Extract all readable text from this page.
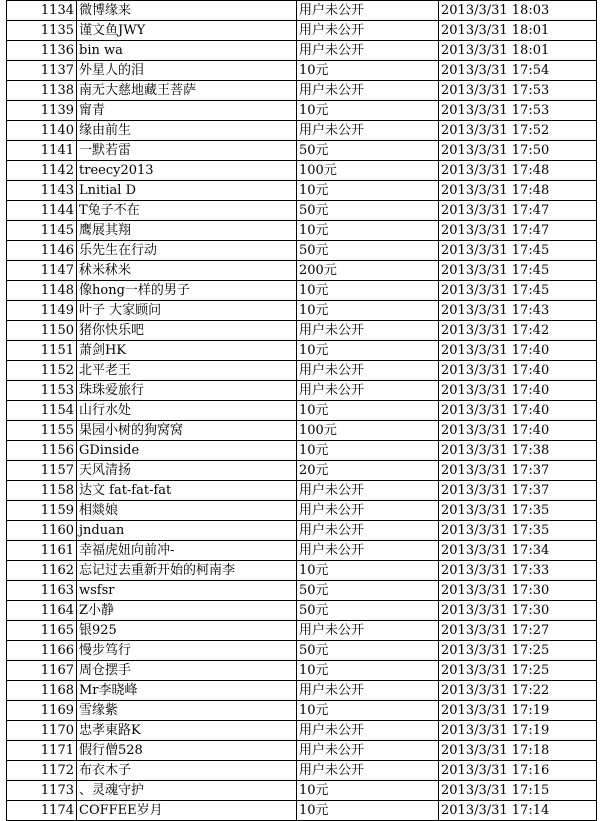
1134	微博缘来	用户未公开	2013/3/31 18:03
1135	谨文鱼JWY	用户未公开	2013/3/31 18:01
1136	bin wa	用户未公开	2013/3/31 18:01
1137	外星人的泪	10元	2013/3/31 17:54
1138	南无大慈地藏王菩萨	用户未公开	2013/3/31 17:53
1139	甯青	10元	2013/3/31 17:53
1140	缘由前生	用户未公开	2013/3/31 17:52
1141	一默若雷	50元	2013/3/31 17:50
1142	treecy2013	100元	2013/3/31 17:48
1143	Lnitial D	10元	2013/3/31 17:48
1144	T兔子不在	50元	2013/3/31 17:47
1145	鹰展其翔	10元	2013/3/31 17:47
1146	乐先生在行动	50元	2013/3/31 17:45
1147	秫米秫米	200元	2013/3/31 17:45
1148	像hong一样的男子	10元	2013/3/31 17:45
1149	叶子 大家顾问	10元	2013/3/31 17:43
1150	猪你快乐吧	用户未公开	2013/3/31 17:42
1151	萧剑HK	10元	2013/3/31 17:40
1152	北平老王	用户未公开	2013/3/31 17:40
1153	珠珠爱旅行	用户未公开	2013/3/31 17:40
1154	山行水处	10元	2013/3/31 17:40
1155	果园小树的狗窝窝	100元	2013/3/31 17:40
1156	GDinside	10元	2013/3/31 17:38
1157	天风清扬	20元	2013/3/31 17:37
1158	达文 fat-fat-fat	用户未公开	2013/3/31 17:37
1159	相燚娘	用户未公开	2013/3/31 17:35
1160	jnduan	用户未公开	2013/3/31 17:35
1161	幸福虎妞向前冲-	用户未公开	2013/3/31 17:34
1162	忘记过去重新开始的柯南李	10元	2013/3/31 17:33
1163	wsfsr	50元	2013/3/31 17:30
1164	Z小静	50元	2013/3/31 17:30
1165	银925	用户未公开	2013/3/31 17:27
1166	慢步笃行	50元	2013/3/31 17:25
1167	周仓摆手	10元	2013/3/31 17:25
1168	Mr李晓峰	用户未公开	2013/3/31 17:22
1169	雪缘紫	10元	2013/3/31 17:19
1170	忠孝東路K	用户未公开	2013/3/31 17:19
1171	假行僧528	用户未公开	2013/3/31 17:18
1172	布衣木子	用户未公开	2013/3/31 17:16
1173	、灵魂守护	10元	2013/3/31 17:15
1174	COFFEE岁月	10元	2013/3/31 17:14
